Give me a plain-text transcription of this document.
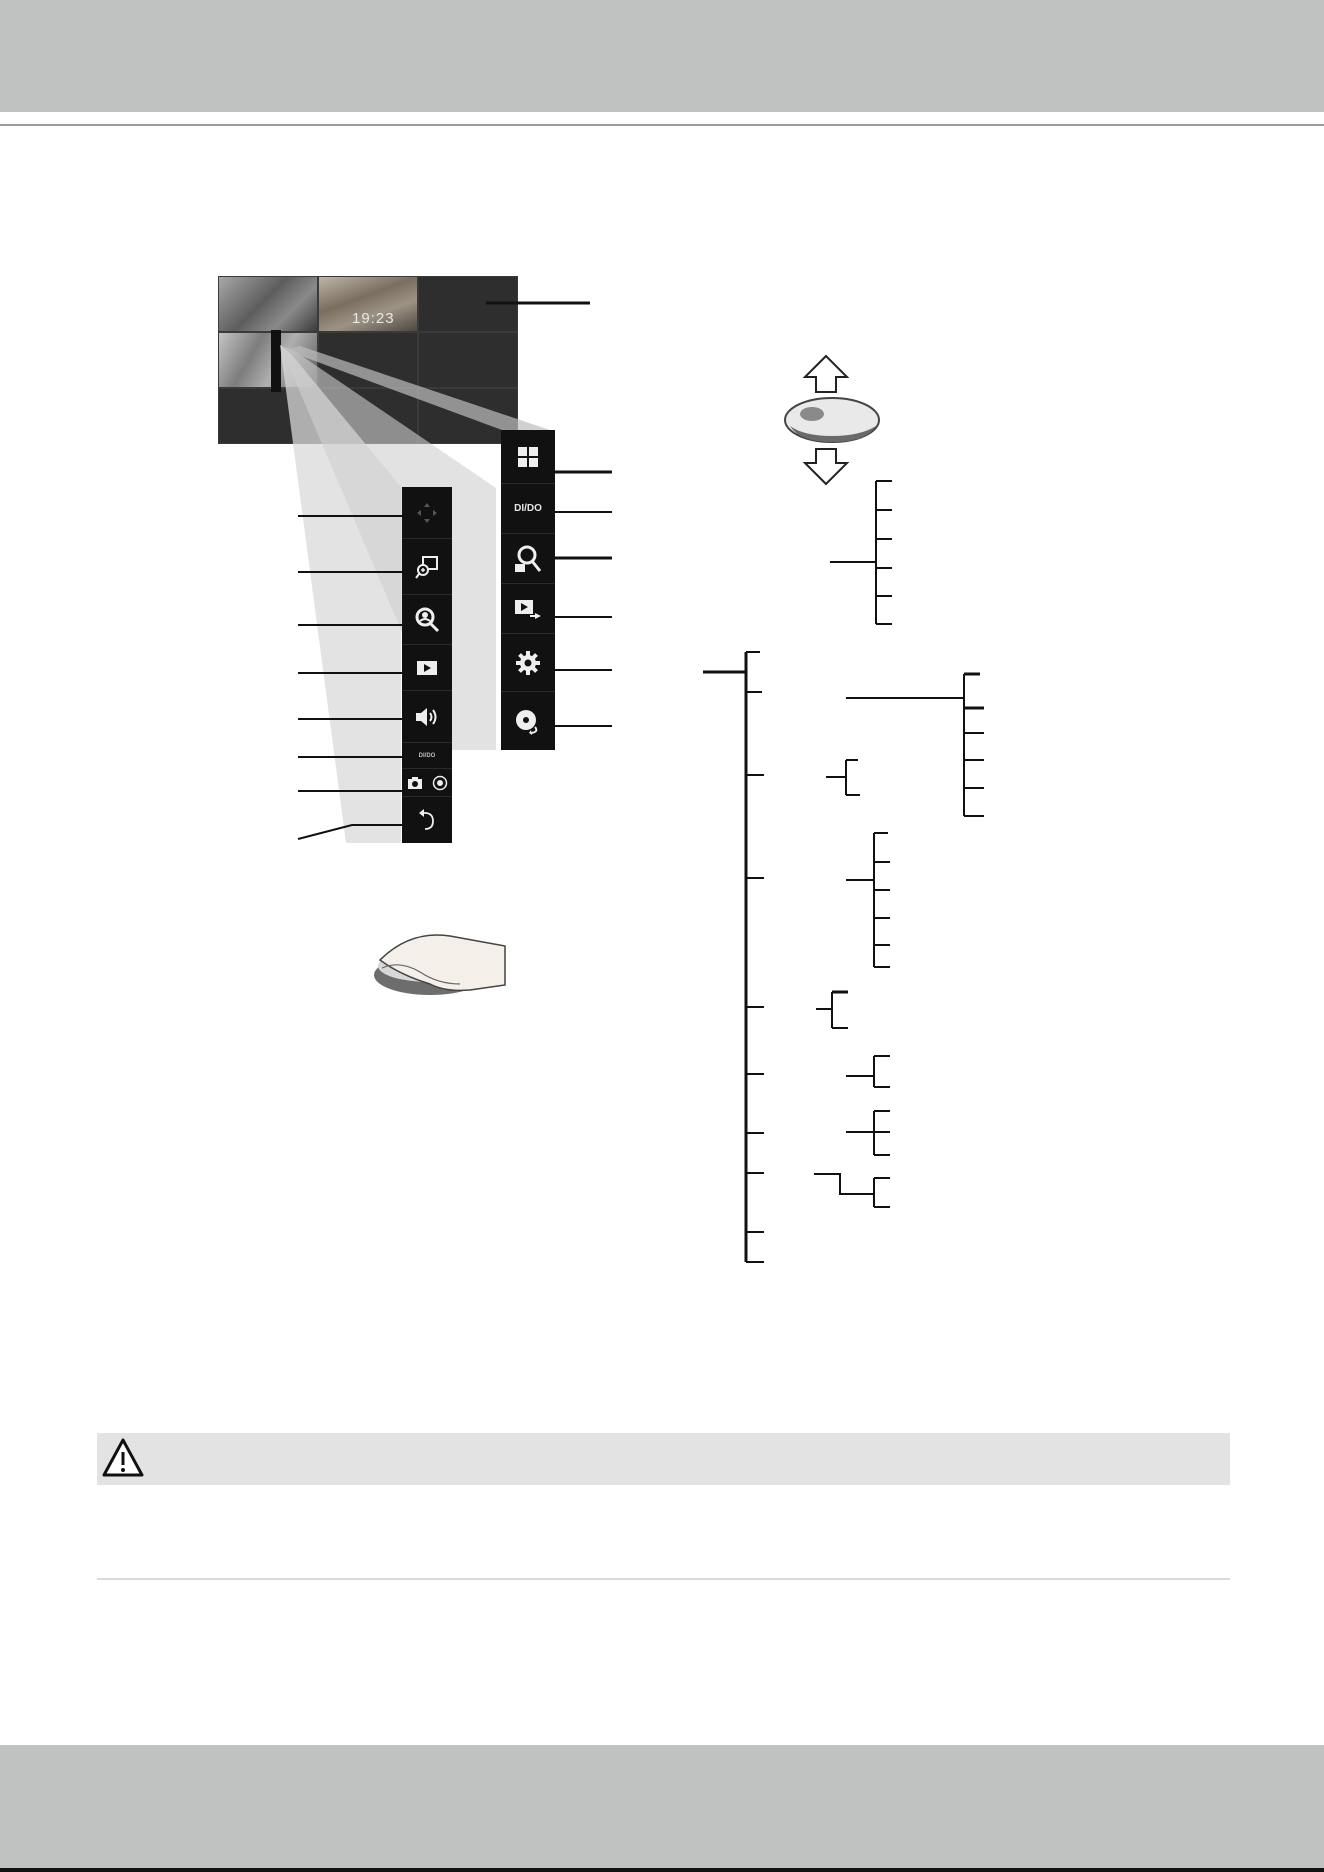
19:23
DI/DO
DI/DO
